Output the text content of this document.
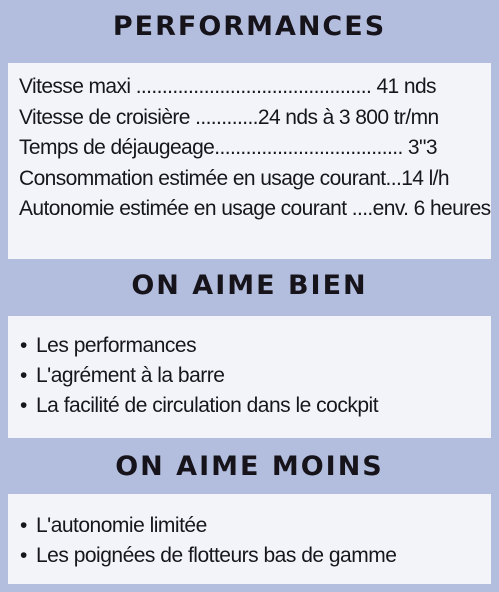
PERFORMANCES
Vitesse maxi ............................................. 41 nds
Vitesse de croisière ............24 nds à 3 800 tr/mn
Temps de déjaugeage.................................... 3"3
Consommation estimée en usage courant...14 l/h
Autonomie estimée en usage courant ....env. 6 heures
ON AIME BIEN
• Les performances
• L'agrément à la barre
• La facilité de circulation dans le cockpit
ON AIME MOINS
• L'autonomie limitée
• Les poignées de flotteurs bas de gamme
